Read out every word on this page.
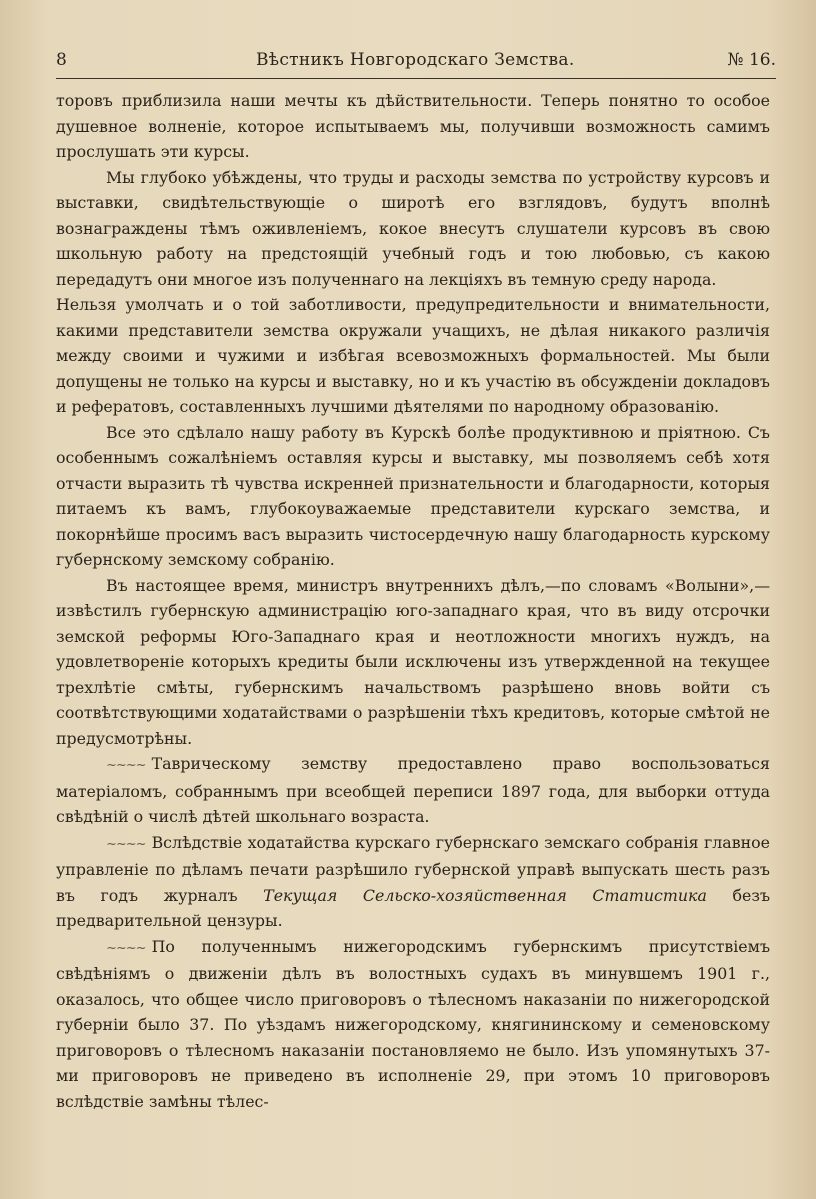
8	Вѣстникъ Новгородскаго Земства.	№ 16.

торовъ приблизила наши мечты къ дѣйствительности. Теперь понятно то особое душевное волненіе, которое испытываемъ мы, получивши возможность самимъ прослушать эти курсы.

Мы глубоко убѣждены, что труды и расходы земства по устройству курсовъ и выставки, свидѣтельствующіе о широтѣ его взглядовъ, будутъ вполнѣ вознаграждены тѣмъ оживленіемъ, кокое внесутъ слушатели курсовъ въ свою школьную работу на предстоящій учебный годъ и тою любовью, съ какою передадутъ они многое изъ полученнаго на лекціяхъ въ темную среду народа.

Нельзя умолчать и о той заботливости, предупредительности и внимательности, какими представители земства окружали учащихъ, не дѣлая никакого различія между своими и чужими и избѣгая всевозможныхъ формальностей. Мы были допущены не только на курсы и выставку, но и къ участію въ обсужденіи докладовъ и рефератовъ, составленныхъ лучшими дѣятелями по народному образованію.

Все это сдѣлало нашу работу въ Курскѣ болѣе продуктивною и пріятною. Съ особеннымъ сожалѣніемъ оставляя курсы и выставку, мы позволяемъ себѣ хотя отчасти выразить тѣ чувства искренней признательности и благодарности, которыя питаемъ къ вамъ, глубокоуважаемые представители курскаго земства, и покорнѣйше просимъ васъ выразить чистосердечную нашу благодарность курскому губернскому земскому собранію.

Въ настоящее время, министръ внутреннихъ дѣлъ,—по словамъ «Волыни»,—извѣстилъ губернскую администрацію юго-западнаго края, что въ виду отсрочки земской реформы Юго-Западнаго края и неотложности многихъ нуждъ, на удовлетвореніе которыхъ кредиты были исключены изъ утвержденной на текущее трехлѣтіе смѣты, губернскимъ начальствомъ разрѣшено вновь войти съ соотвѣтствующими ходатайствами о разрѣшеніи тѣхъ кредитовъ, которые смѣтой не предусмотрѣны.

~~~~ Таврическому земству предоставлено право воспользоваться матеріаломъ, собраннымъ при всеобщей переписи 1897 года, для выборки оттуда свѣдѣній о числѣ дѣтей школьнаго возраста.

~~~~ Вслѣдствіе ходатайства курскаго губернскаго земскаго собранія главное управленіе по дѣламъ печати разрѣшило губернской управѣ выпускать шесть разъ въ годъ журналъ Текущая Сельско-хозяйственная Статистика безъ предварительной цензуры.

~~~~ По полученнымъ нижегородскимъ губернскимъ присутствіемъ свѣдѣніямъ о движеніи дѣлъ въ волостныхъ судахъ въ минувшемъ 1901 г., оказалось, что общее число приговоровъ о тѣлесномъ наказаніи по нижегородской губерніи было 37. По уѣздамъ нижегородскому, княгининскому и семеновскому приговоровъ о тѣлесномъ наказаніи постановляемо не было. Изъ упомянутыхъ 37-ми приговоровъ не приведено въ исполненіе 29, при этомъ 10 приговоровъ вслѣдствіе замѣны тѣлес-
